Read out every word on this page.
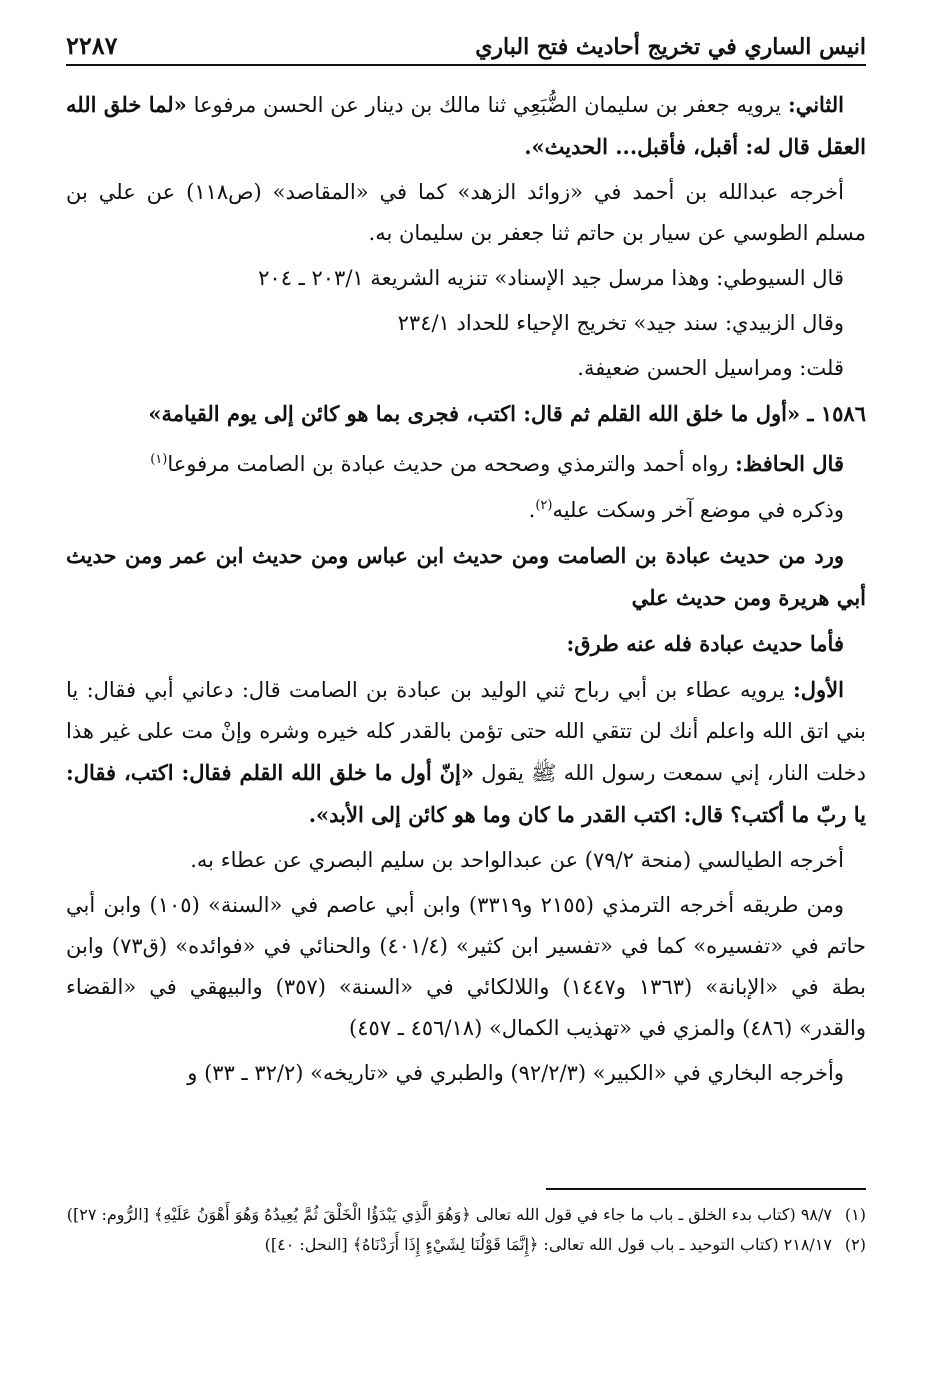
انيس الساري في تخريج أحاديث فتح الباري
٢٢٨٧

الثاني: يرويه جعفر بن سليمان الضُّبَعِي ثنا مالك بن دينار عن الحسن مرفوعا «لما خلق الله العقل قال له: أقبل، فأقبل... الحديث».

أخرجه عبدالله بن أحمد في «زوائد الزهد» كما في «المقاصد» (ص١١٨) عن علي بن مسلم الطوسي عن سيار بن حاتم ثنا جعفر بن سليمان به.

قال السيوطي: وهذا مرسل جيد الإسناد» تنزيه الشريعة ٢٠٣/١ ـ ٢٠٤

وقال الزبيدي: سند جيد» تخريج الإحياء للحداد ٢٣٤/١

قلت: ومراسيل الحسن ضعيفة.

١٥٨٦ ـ «أول ما خلق الله القلم ثم قال: اكتب، فجرى بما هو كائن إلى يوم القيامة»

قال الحافظ: رواه أحمد والترمذي وصححه من حديث عبادة بن الصامت مرفوعا$^{(١)}$

وذكره في موضع آخر وسكت عليه$^{(٢)}$.

ورد من حديث عبادة بن الصامت ومن حديث ابن عباس ومن حديث ابن عمر ومن حديث أبي هريرة ومن حديث علي

فأما حديث عبادة فله عنه طرق:

الأول: يرويه عطاء بن أبي رباح ثني الوليد بن عبادة بن الصامت قال: دعاني أبي فقال: يا بني اتق الله واعلم أنك لن تتقي الله حتى تؤمن بالقدر كله خيره وشره وإنْ مت على غير هذا دخلت النار، إني سمعت رسول الله ﷺ يقول «إنّ أول ما خلق الله القلم فقال: اكتب، فقال: يا ربّ ما أكتب؟ قال: اكتب القدر ما كان وما هو كائن إلى الأبد».

أخرجه الطيالسي (منحة ٧٩/٢) عن عبدالواحد بن سليم البصري عن عطاء به.

ومن طريقه أخرجه الترمذي (٢١٥٥ و٣٣١٩) وابن أبي عاصم في «السنة» (١٠٥) وابن أبي حاتم في «تفسيره» كما في «تفسير ابن كثير» (٤٠١/٤) والحنائي في «فوائده» (ق٧٣) وابن بطة في «الإبانة» (١٣٦٣ و١٤٤٧) واللالكائي في «السنة» (٣٥٧) والبيهقي في «القضاء والقدر» (٤٨٦) والمزي في «تهذيب الكمال» (٤٥٦/١٨ ـ ٤٥٧)

وأخرجه البخاري في «الكبير» (٩٢/٢/٣) والطبري في «تاريخه» (٣٢/٢ ـ ٣٣) و

(١)٩٨/٧ (كتاب بدء الخلق ـ باب ما جاء في قول الله تعالى ﴿وَهُوَ الَّذِي يَبْدَؤُا الْخَلْقَ ثُمَّ يُعِيدُهُ وَهُوَ أَهْوَنُ عَلَيْهِ﴾ [الرُّوم: ٢٧])

(٢)٢١٨/١٧ (كتاب التوحيد ـ باب قول الله تعالى: ﴿إِنَّمَا قَوْلُنَا لِشَيْءٍ إِذَا أَرَدْنَاهُ﴾ [النحل: ٤٠])
